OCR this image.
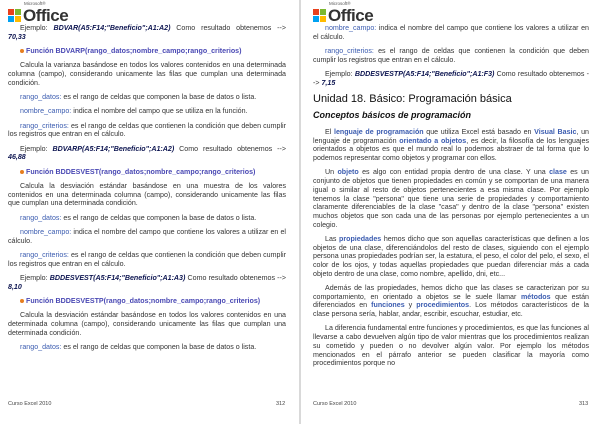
Microsoft®
Office

Ejemplo: BDVAR(A5:F14;"Beneficio";A1:A2) Como resultado obtenemos --> 70,33

Función BDVARP(rango_datos;nombre_campo;rango_criterios)

Calcula la varianza basándose en todos los valores contenidos en una determinada columna (campo), considerando unicamente las filas que cumplan una determinada condición.

rango_datos: es el rango de celdas que componen la base de datos o lista.

nombre_campo: indica el nombre del campo que se utiliza en la función.

rango_criterios: es el rango de celdas que contienen la condición que deben cumplir los registros que entran en el cálculo.

Ejemplo: BDVARP(A5:F14;"Beneficio";A1:A2) Como resultado obtenemos --> 46,88

Función BDDESVEST(rango_datos;nombre_campo;rango_criterios)

Calcula la desviación estándar basándose en una muestra de los valores contenidos en una determinada columna (campo), considerando unicamente las filas que cumplan una determinada condición.

rango_datos: es el rango de celdas que componen la base de datos o lista.

nombre_campo: indica el nombre del campo que contiene los valores a utilizar en el cálculo.

rango_criterios: es el rango de celdas que contienen la condición que deben cumplir los registros que entran en el cálculo.

Ejemplo: BDDESVEST(A5:F14;"Beneficio";A1:A3) Como resultado obtenemos --> 8,10

Función BDDESVESTP(rango_datos;nombre_campo;rango_criterios)

Calcula la desviación estándar basándose en todos los valores contenidos en una determinada columna (campo), considerando unicamente las filas que cumplan una determinada condición.

rango_datos: es el rango de celdas que componen la base de datos o lista.

Curso Excel 2010	312
Microsoft®
Office

nombre_campo: indica el nombre del campo que contiene los valores a utilizar en el cálculo.

rango_criterios: es el rango de celdas que contienen la condición que deben cumplir los registros que entran en el cálculo.

Ejemplo: BDDESVESTP(A5:F14;"Beneficio";A1:F3) Como resultado obtenemos --> 7,15

Unidad 18. Básico: Programación básica
Conceptos básicos de programación

El lenguaje de programación que utiliza Excel está basado en Visual Basic, un lenguaje de programación orientado a objetos, es decir, la filosofía de los lenguajes orientados a objetos es que el mundo real lo podemos abstraer de tal forma que lo podemos representar como objetos y programar con ellos.

Un objeto es algo con entidad propia dentro de una clase. Y una clase es un conjunto de objetos que tienen propiedades en común y se comportan de una manera igual o similar al resto de objetos pertenecientes a esa misma clase. Por ejemplo tenemos la clase "persona" que tiene una serie de propiedades y comportamiento claramente diferenciables de la clase "casa" y dentro de la clase "persona" existen muchos objetos que son cada una de las personas por ejemplo pertenecientes a un colegio.

Las propiedades hemos dicho que son aquellas características que definen a los objetos de una clase, diferenciándolos del resto de clases, siguiendo con el ejemplo persona unas propiedades podrían ser, la estatura, el peso, el color del pelo, el sexo, el color de los ojos, y todas aquellas propiedades que puedan diferenciar más a cada objeto dentro de una clase, como nombre, apellido, dni, etc...

Además de las propiedades, hemos dicho que las clases se caracterizan por su comportamiento, en orientado a objetos se le suele llamar métodos que están diferenciados en funciones y procedimientos. Los métodos característicos de la clase persona sería, hablar, andar, escribir, escuchar, estudiar, etc.

La diferencia fundamental entre funciones y procedimientos, es que las funciones al llevarse a cabo devuelven algún tipo de valor mientras que los procedimientos realizan su cometido y pueden o no devolver algún valor. Por ejemplo los métodos mencionados en el párrafo anterior se pueden clasificar la mayoría como procedimientos porque no

Curso Excel 2010	313
